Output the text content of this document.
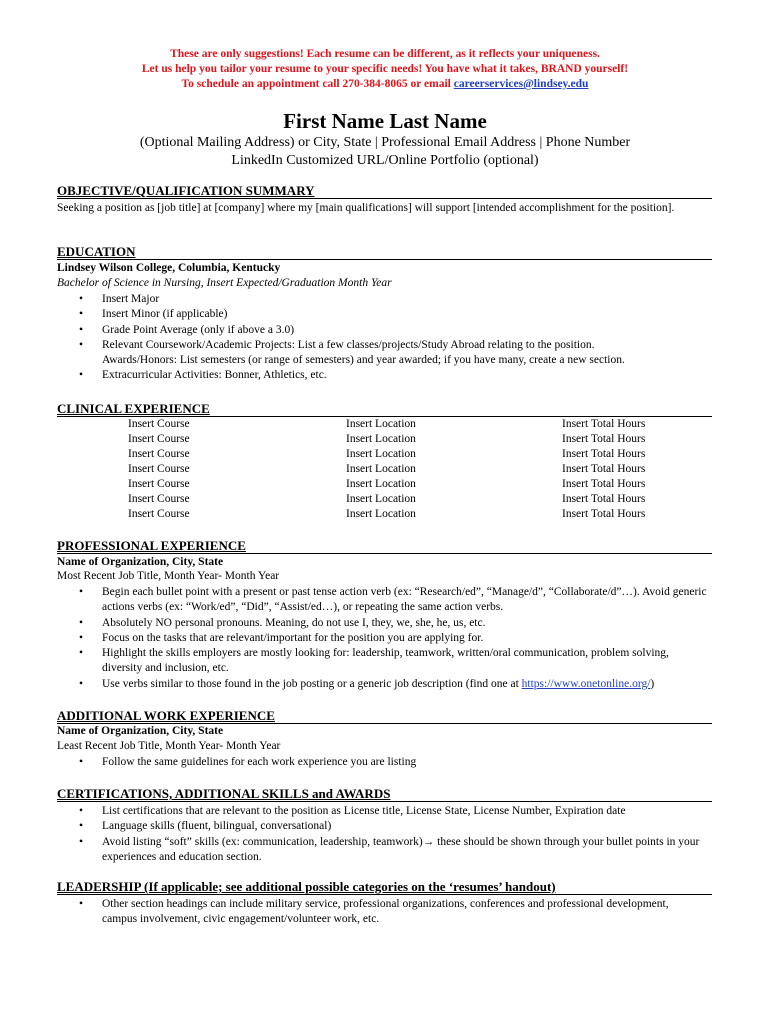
These are only suggestions! Each resume can be different, as it reflects your uniqueness.
Let us help you tailor your resume to your specific needs! You have what it takes, BRAND yourself!
To schedule an appointment call 270-384-8065 or email careerservices@lindsey.edu
First Name Last Name
(Optional Mailing Address) or City, State | Professional Email Address | Phone Number
LinkedIn Customized URL/Online Portfolio (optional)
OBJECTIVE/QUALIFICATION SUMMARY
Seeking a position as [job title] at [company] where my [main qualifications] will support [intended accomplishment for the position].
EDUCATION
Lindsey Wilson College, Columbia, Kentucky
Bachelor of Science in Nursing, Insert Expected/Graduation Month Year
• Insert Major
• Insert Minor (if applicable)
• Grade Point Average (only if above a 3.0)
• Relevant Coursework/Academic Projects: List a few classes/projects/Study Abroad relating to the position.
Awards/Honors: List semesters (or range of semesters) and year awarded; if you have many, create a new section.
• Extracurricular Activities: Bonner, Athletics, etc.
CLINICAL EXPERIENCE
Insert Course
Insert Course
Insert Course
Insert Course
Insert Course
Insert Course
Insert Course
Insert Location
Insert Location
Insert Location
Insert Location
Insert Location
Insert Location
Insert Location
Insert Total Hours
Insert Total Hours
Insert Total Hours
Insert Total Hours
Insert Total Hours
Insert Total Hours
Insert Total Hours
PROFESSIONAL EXPERIENCE
Name of Organization, City, State
Most Recent Job Title, Month Year- Month Year
• Begin each bullet point with a present or past tense action verb (ex: “Research/ed”, “Manage/d”, “Collaborate/d”…). Avoid generic actions verbs (ex: “Work/ed”, “Did”, “Assist/ed…), or repeating the same action verbs.
• Absolutely NO personal pronouns. Meaning, do not use I, they, we, she, he, us, etc.
• Focus on the tasks that are relevant/important for the position you are applying for.
• Highlight the skills employers are mostly looking for: leadership, teamwork, written/oral communication, problem solving, diversity and inclusion, etc.
• Use verbs similar to those found in the job posting or a generic job description (find one at https://www.onetonline.org/)
ADDITIONAL WORK EXPERIENCE
Name of Organization, City, State
Least Recent Job Title, Month Year- Month Year
• Follow the same guidelines for each work experience you are listing
CERTIFICATIONS, ADDITIONAL SKILLS and AWARDS
• List certifications that are relevant to the position as License title, License State, License Number, Expiration date
• Language skills (fluent, bilingual, conversational)
• Avoid listing “soft” skills (ex: communication, leadership, teamwork)→ these should be shown through your bullet points in your experiences and education section.
LEADERSHIP (If applicable; see additional possible categories on the ‘resumes’ handout)
• Other section headings can include military service, professional organizations, conferences and professional development, campus involvement, civic engagement/volunteer work, etc.
